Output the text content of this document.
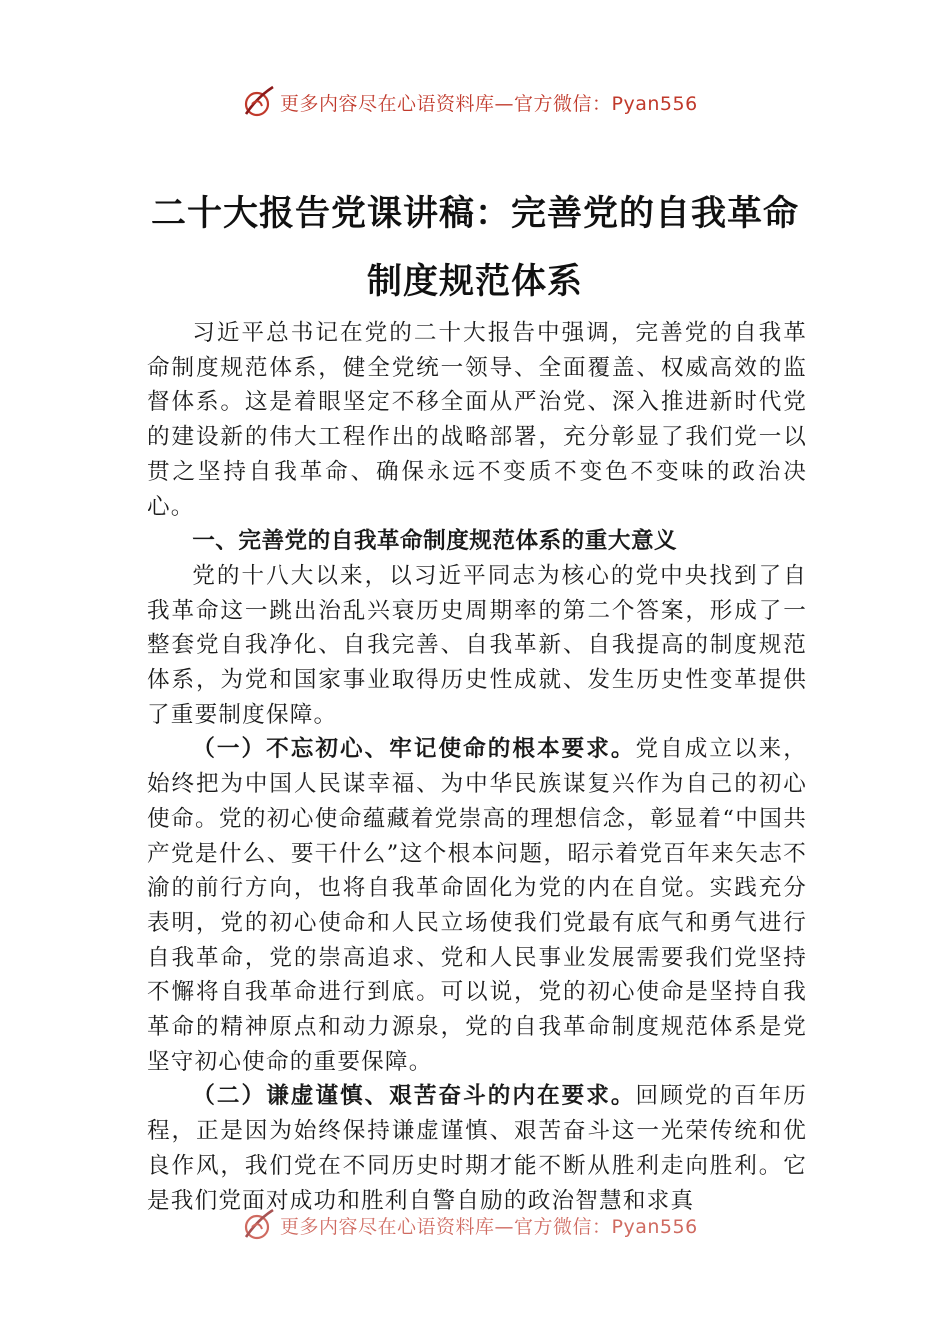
更多内容尽在心语资料库—官方微信：Pyan556
二十大报告党课讲稿：完善党的自我革命
制度规范体系

习近平总书记在党的二十大报告中强调，完善党的自我革命制度规范体系，健全党统一领导、全面覆盖、权威高效的监督体系。这是着眼坚定不移全面从严治党、深入推进新时代党的建设新的伟大工程作出的战略部署，充分彰显了我们党一以贯之坚持自我革命、确保永远不变质不变色不变味的政治决心。

一、完善党的自我革命制度规范体系的重大意义

党的十八大以来，以习近平同志为核心的党中央找到了自我革命这一跳出治乱兴衰历史周期率的第二个答案，形成了一整套党自我净化、自我完善、自我革新、自我提高的制度规范体系，为党和国家事业取得历史性成就、发生历史性变革提供了重要制度保障。

（一）不忘初心、牢记使命的根本要求。党自成立以来，始终把为中国人民谋幸福、为中华民族谋复兴作为自己的初心使命。党的初心使命蕴藏着党崇高的理想信念，彰显着“中国共产党是什么、要干什么”这个根本问题，昭示着党百年来矢志不渝的前行方向，也将自我革命固化为党的内在自觉。实践充分表明，党的初心使命和人民立场使我们党最有底气和勇气进行自我革命，党的崇高追求、党和人民事业发展需要我们党坚持不懈将自我革命进行到底。可以说，党的初心使命是坚持自我革命的精神原点和动力源泉，党的自我革命制度规范体系是党坚守初心使命的重要保障。

（二）谦虚谨慎、艰苦奋斗的内在要求。回顾党的百年历程，正是因为始终保持谦虚谨慎、艰苦奋斗这一光荣传统和优良作风，我们党在不同历史时期才能不断从胜利走向胜利。它是我们党面对成功和胜利自警自励的政治智慧和求真

更多内容尽在心语资料库—官方微信：Pyan556
